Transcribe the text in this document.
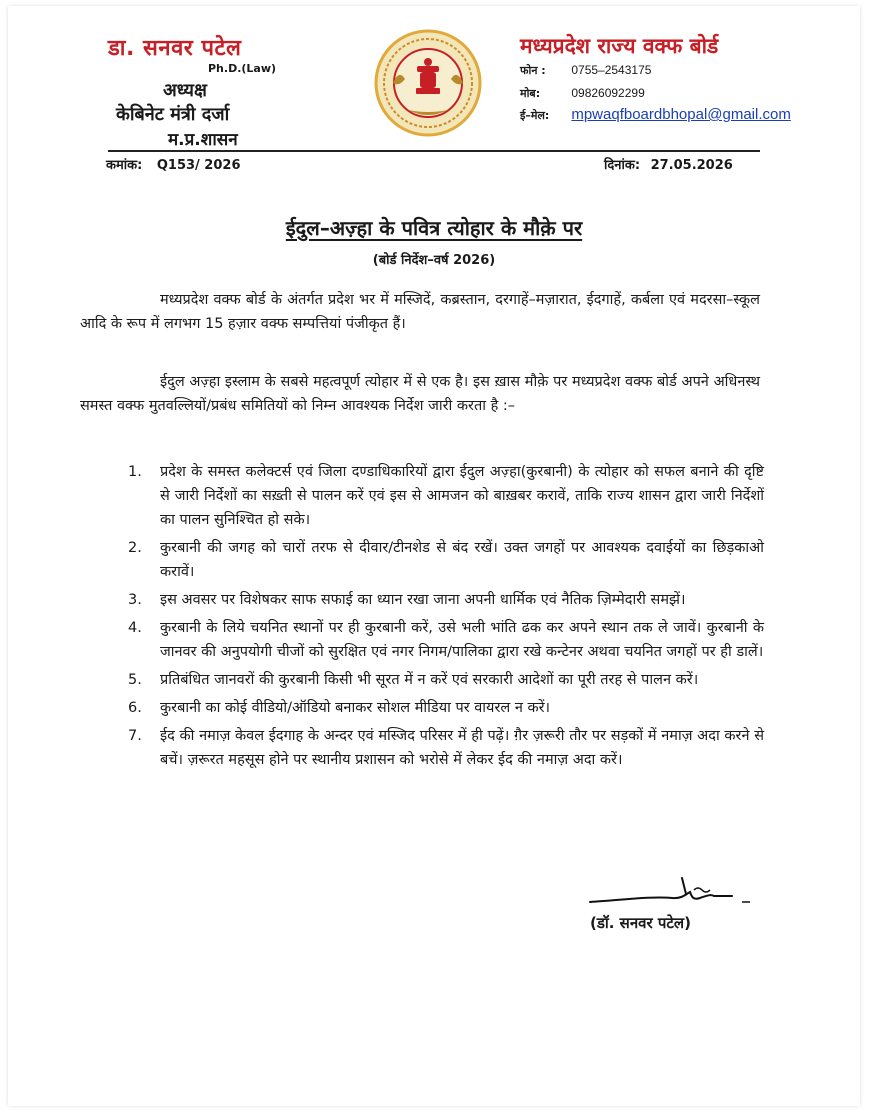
डा. सनवर पटेल
Ph.D.(Law)
अध्यक्ष
केबिनेट मंत्री दर्जा
म.प्र.शासन
मध्यप्रदेश राज्य वक्फ बोर्ड
फोन : 0755–2543175
मोब:	09826092299
ई–मेल: mpwaqfboardbhopal@gmail.com
कमांक: Q153/ 2026	दिनांक: 27.05.2026
ईदुल–अज़्हा के पवित्र त्योहार के मौक़े पर
(बोर्ड निर्देश–वर्ष 2026)
मध्यप्रदेश वक्फ बोर्ड के अंतर्गत प्रदेश भर में मस्जिदें, कब्रस्तान, दरगाहें–मज़ारात, ईदगाहें, कर्बला एवं मदरसा–स्कूल आदि के रूप में लगभग 15 हज़ार वक्फ सम्पत्तियां पंजीकृत हैं।
ईदुल अज़्हा इस्लाम के सबसे महत्वपूर्ण त्योहार में से एक है। इस ख़ास मौक़े पर मध्यप्रदेश वक्फ बोर्ड अपने अधिनस्थ समस्त वक्फ मुतवल्लियों/प्रबंध समितियों को निम्न आवश्यक निर्देश जारी करता है :–
1. प्रदेश के समस्त कलेक्टर्स एवं जिला दण्डाधिकारियों द्वारा ईदुल अज़्हा(कुरबानी) के त्योहार को सफल बनाने की दृष्टि से जारी निर्देशों का सख़्ती से पालन करें एवं इस से आमजन को बाख़बर करावें, ताकि राज्य शासन द्वारा जारी निर्देशों का पालन सुनिश्चित हो सके।
2. कुरबानी की जगह को चारों तरफ से दीवार/टीनशेड से बंद रखें। उक्त जगहों पर आवश्यक दवाईयों का छिड़काओ करावें।
3. इस अवसर पर विशेषकर साफ सफाई का ध्यान रखा जाना अपनी धार्मिक एवं नैतिक ज़िम्मेदारी समझें।
4. कुरबानी के लिये चयनित स्थानों पर ही कुरबानी करें, उसे भली भांति ढक कर अपने स्थान तक ले जावें। कुरबानी के जानवर की अनुपयोगी चीजों को सुरक्षित एवं नगर निगम/पालिका द्वारा रखे कन्टेनर अथवा चयनित जगहों पर ही डालें।
5. प्रतिबंधित जानवरों की कुरबानी किसी भी सूरत में न करें एवं सरकारी आदेशों का पूरी तरह से पालन करें।
6. कुरबानी का कोई वीडियो/ऑडियो बनाकर सोशल मीडिया पर वायरल न करें।
7. ईद की नमाज़ केवल ईदगाह के अन्दर एवं मस्जिद परिसर में ही पढ़ें। ग़ैर ज़रूरी तौर पर सड़कों में नमाज़ अदा करने से बचें। ज़रूरत महसूस होने पर स्थानीय प्रशासन को भरोसे में लेकर ईद की नमाज़ अदा करें।
(डॉ. सनवर पटेल)
